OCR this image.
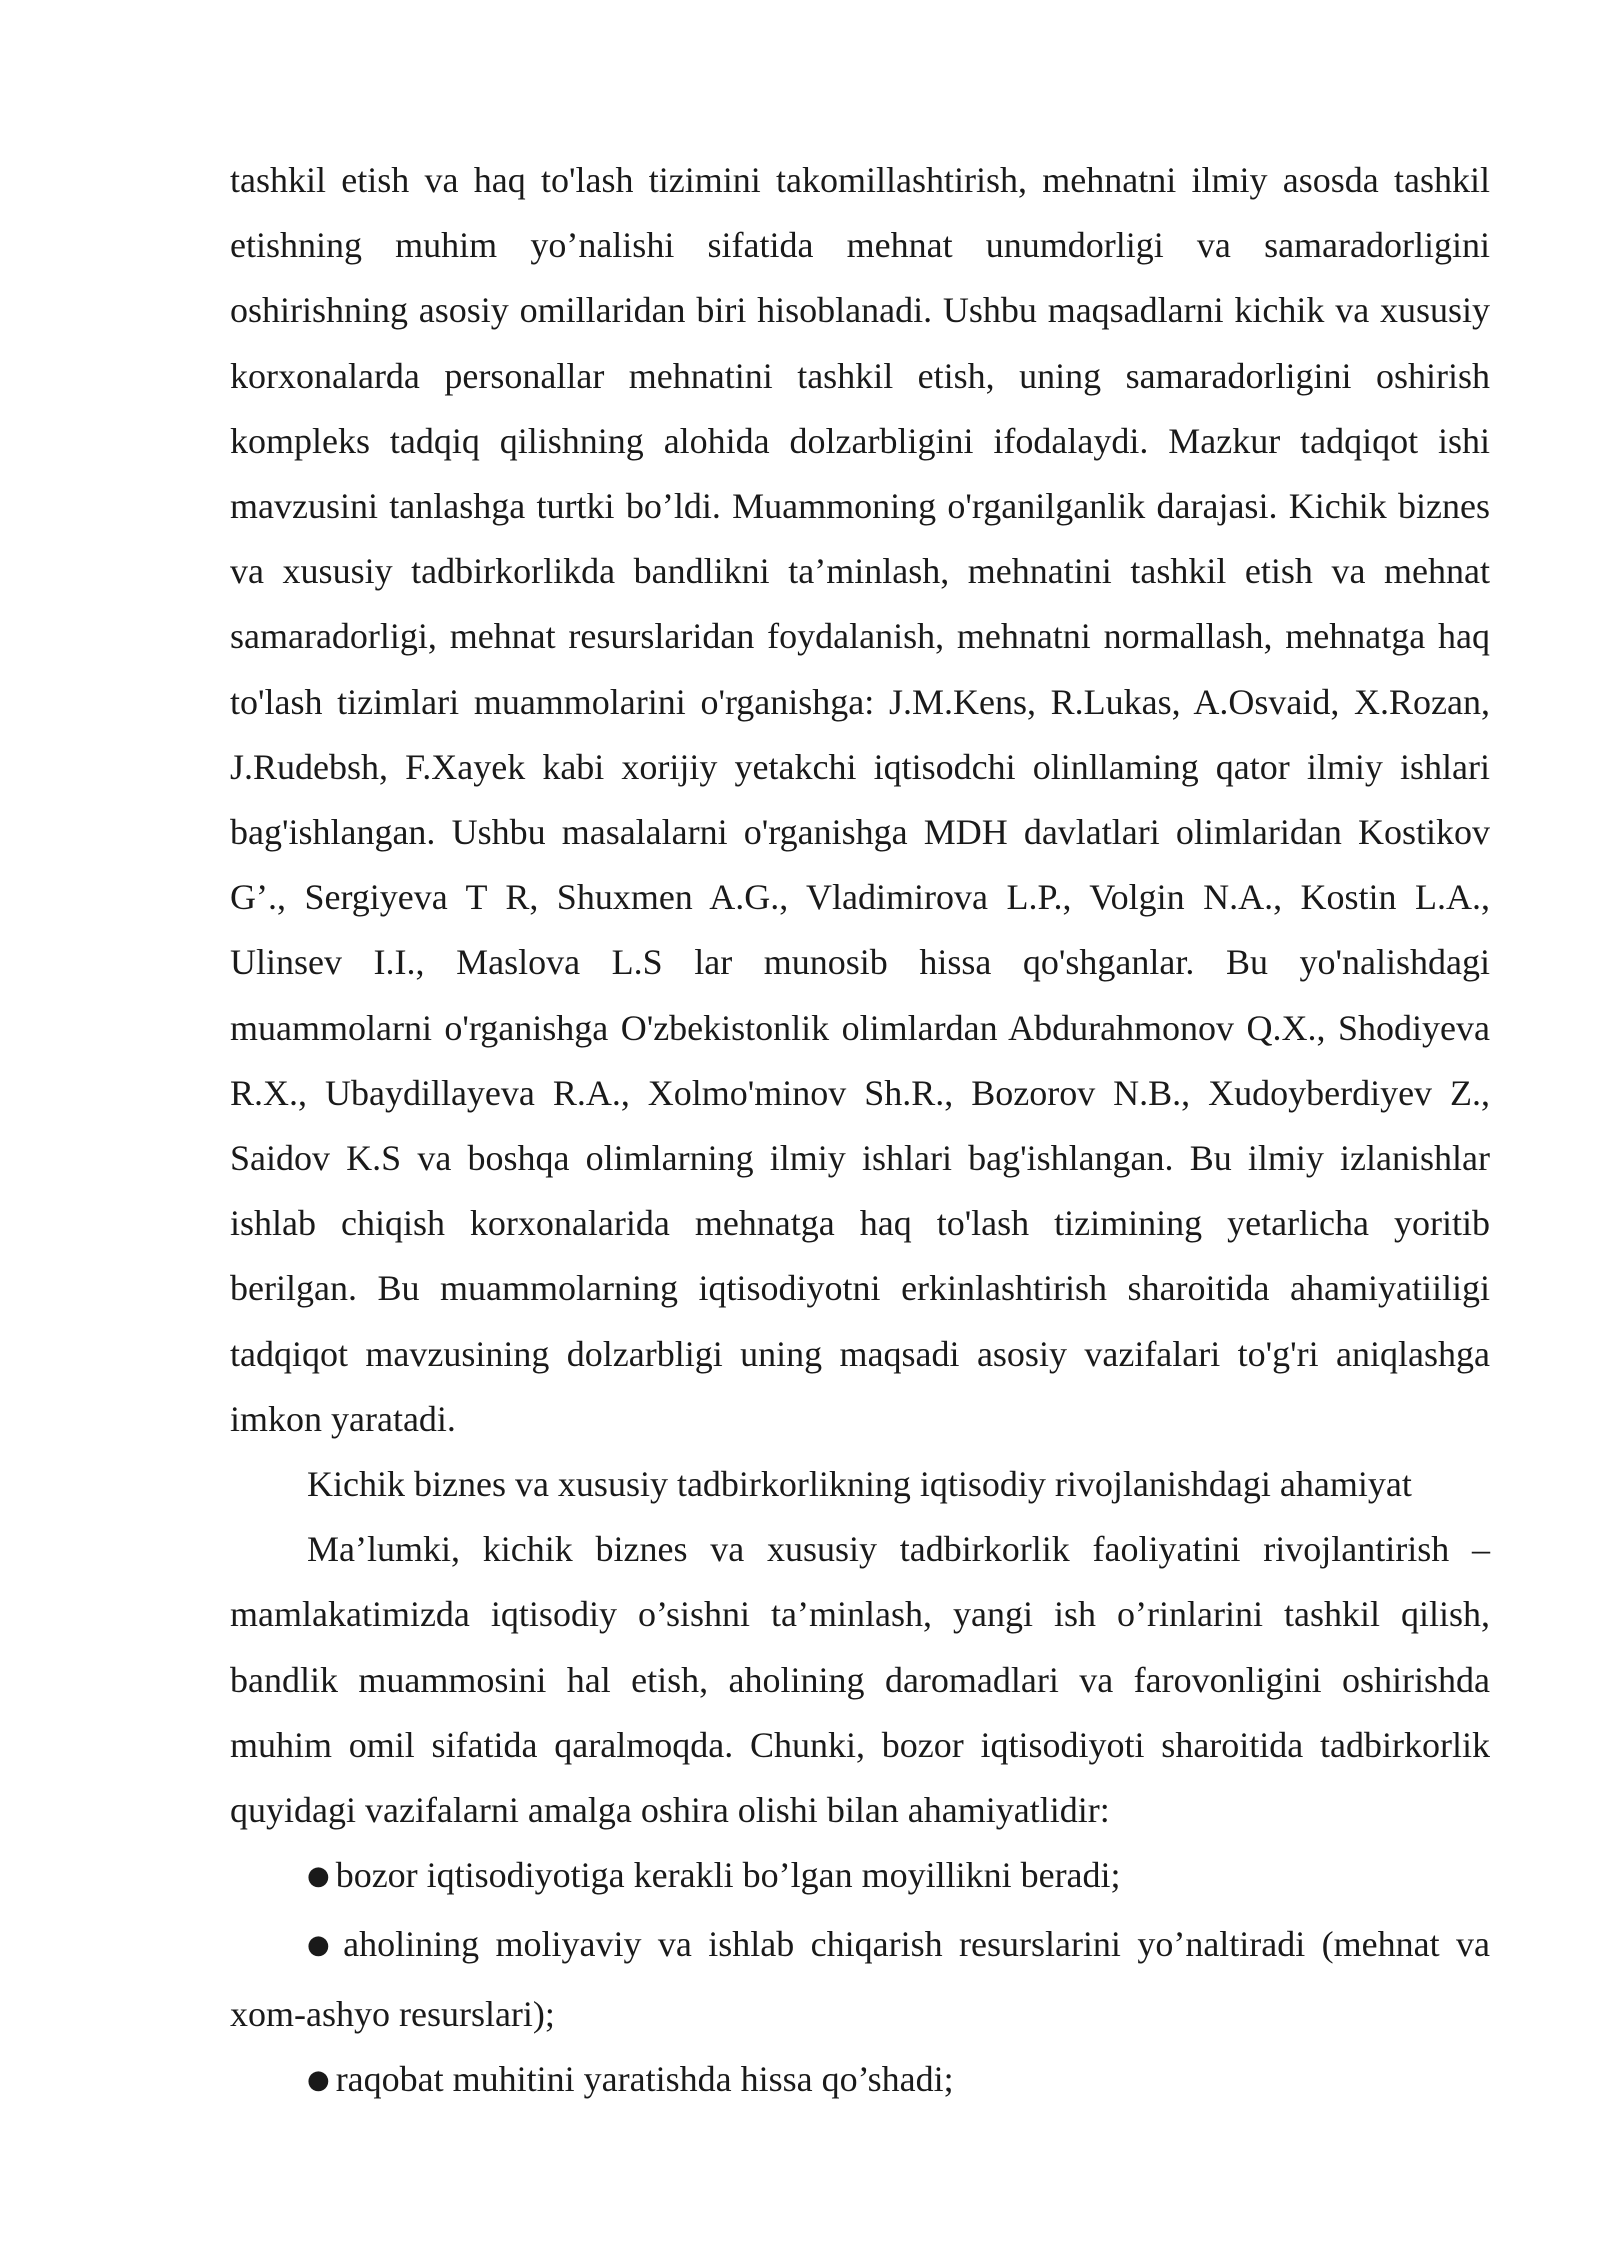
tashkil etish va haq to'lash tizimini takomillashtirish, mehnatni ilmiy asosda tashkil etishning muhim yo’nalishi sifatida mehnat unumdorligi va samaradorligini oshirishning asosiy omillaridan biri hisoblanadi. Ushbu maqsadlarni kichik va xususiy korxonalarda personallar mehnatini tashkil etish, uning samaradorligini oshirish kompleks tadqiq qilishning alohida dolzarbligini ifodalaydi. Mazkur tadqiqot ishi mavzusini tanlashga turtki bo’ldi. Muammoning o'rganilganlik darajasi. Kichik biznes va xususiy tadbirkorlikda bandlikni ta’minlash, mehnatini tashkil etish va mehnat samaradorligi, mehnat resurslaridan foydalanish, mehnatni normallash, mehnatga haq to'lash tizimlari muammolarini o'rganishga: J.M.Kens, R.Lukas, A.Osvaid, X.Rozan, J.Rudebsh, F.Xayek kabi xorijiy yetakchi iqtisodchi olinllaming qator ilmiy ishlari bag'ishlangan. Ushbu masalalarni o'rganishga MDH davlatlari olimlaridan Kostikov G’., Sergiyeva T R, Shuxmen A.G., Vladimirova L.P., Volgin N.A., Kostin L.A., Ulinsev I.I., Maslova L.S lar munosib hissa qo'shganlar. Bu yo'nalishdagi muammolarni o'rganishga O'zbekistonlik olimlardan Abdurahmonov Q.X., Shodiyeva R.X., Ubaydillayeva R.A., Xolmo'minov Sh.R., Bozorov N.B., Xudoyberdiyev Z., Saidov K.S va boshqa olimlarning ilmiy ishlari bag'ishlangan. Bu ilmiy izlanishlar ishlab chiqish korxonalarida mehnatga haq to'lash tizimining yetarlicha yoritib berilgan. Bu muammolarning iqtisodiyotni erkinlashtirish sharoitida ahamiyatiiligi tadqiqot mavzusining dolzarbligi uning maqsadi asosiy vazifalari to'g'ri aniqlashga imkon yaratadi.

Kichik biznes va xususiy tadbirkorlikning iqtisodiy rivojlanishdagi ahamiyat

Ma’lumki, kichik biznes va xususiy tadbirkorlik faoliyatini rivojlantirish – mamlakatimizda iqtisodiy o’sishni ta’minlash, yangi ish o’rinlarini tashkil qilish, bandlik muammosini hal etish, aholining daromadlari va farovonligini oshirishda muhim omil sifatida qaralmoqda. Chunki, bozor iqtisodiyoti sharoitida tadbirkorlik quyidagi vazifalarni amalga oshira olishi bilan ahamiyatlidir:

● bozor iqtisodiyotiga kerakli bo’lgan moyillikni beradi;

● aholining moliyaviy va ishlab chiqarish resurslarini yo’naltiradi (mehnat va xom-ashyo resurslari);

● raqobat muhitini yaratishda hissa qo’shadi;
